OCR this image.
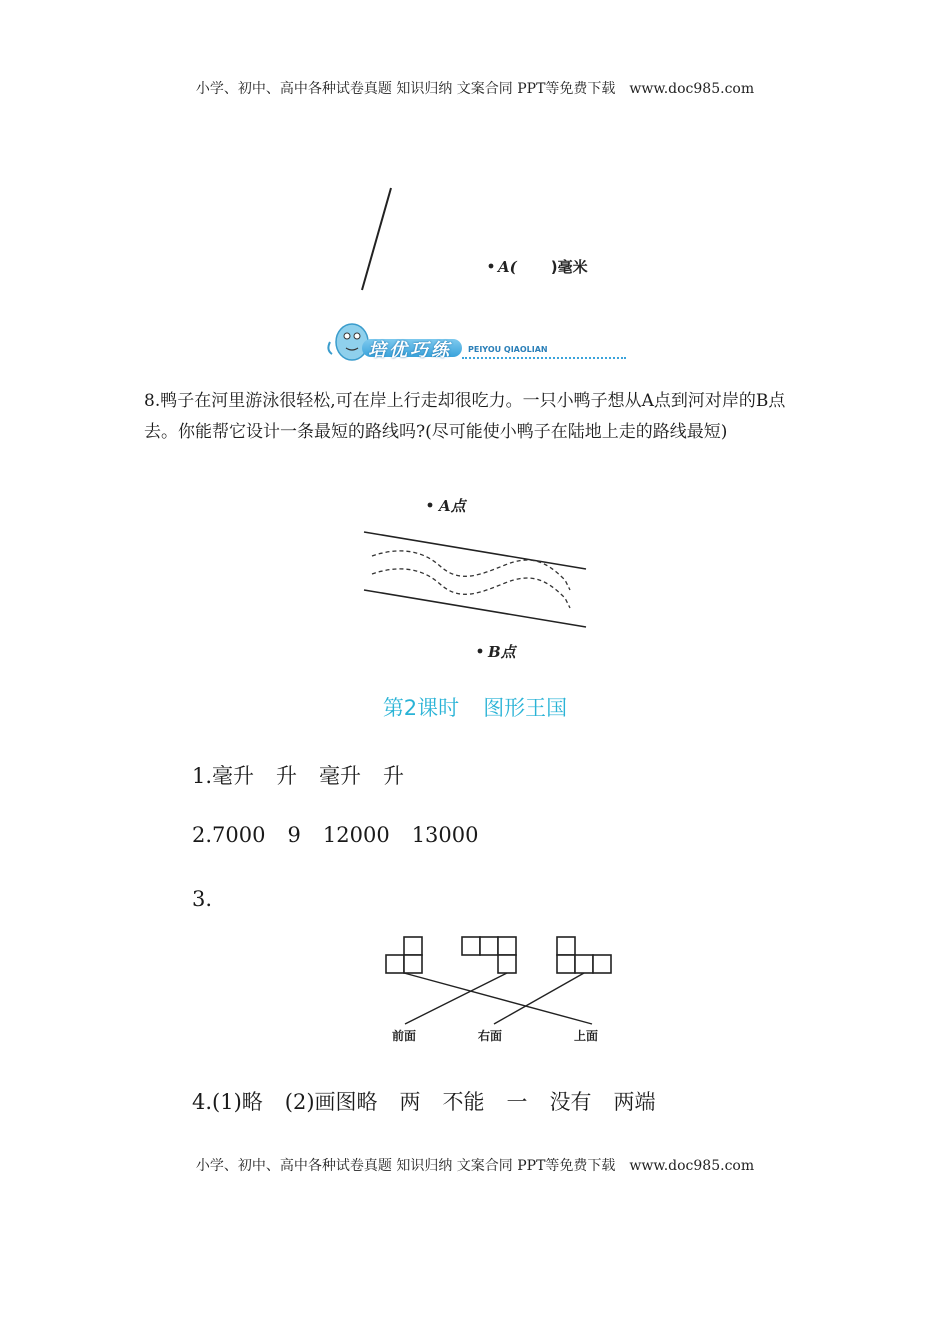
小学、初中、高中各种试卷真题 知识归纳 文案合同 PPT等免费下载 www.doc985.com
A( )毫米
培优巧练 PEIYOU QIAOLIAN
8.鸭子在河里游泳很轻松,可在岸上行走却很吃力。一只小鸭子想从A点到河对岸的B点去。你能帮它设计一条最短的路线吗?(尽可能使小鸭子在陆地上走的路线最短)
A点
B点
第2课时 图形王国
1.毫升 升 毫升 升
2.7000 9 12000 13000
3.
前面	右面	上面
4.(1)略 (2)画图略 两 不能 一 没有 两端
小学、初中、高中各种试卷真题 知识归纳 文案合同 PPT等免费下载 www.doc985.com
